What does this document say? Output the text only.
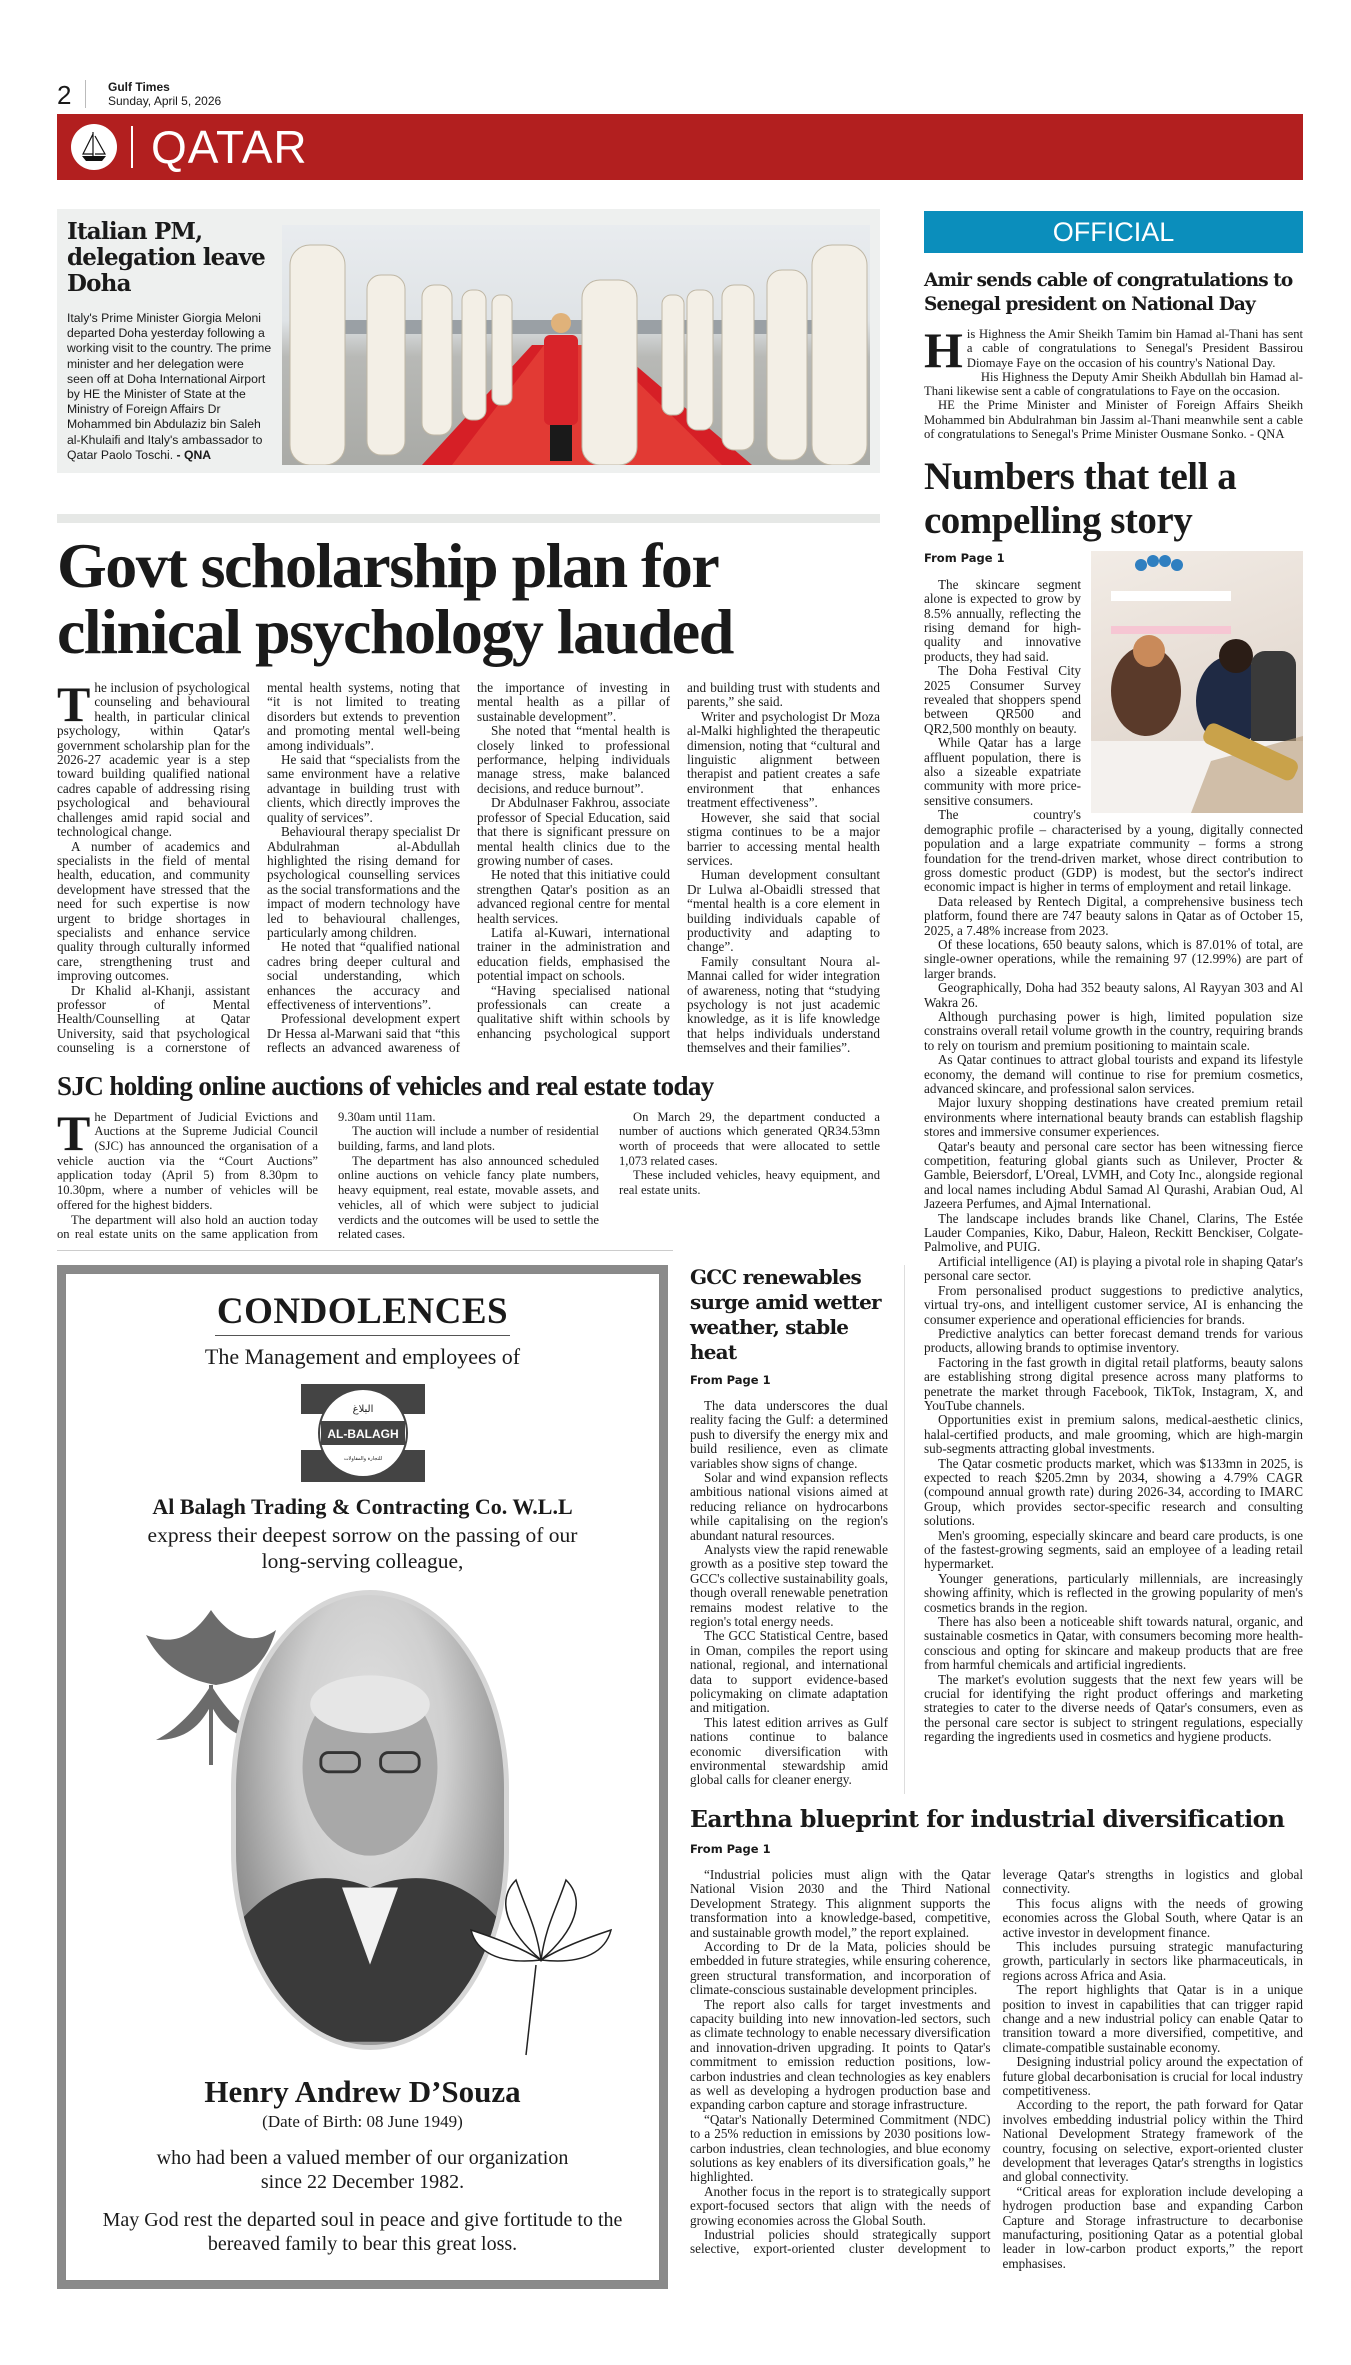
2	Gulf Times
Sunday, April 5, 2026
QATAR
Italian PM, delegation leave Doha
Italy's Prime Minister Giorgia Meloni departed Doha yesterday following a working visit to the country. The prime minister and her delegation were seen off at Doha International Airport by HE the Minister of State at the Ministry of Foreign Affairs Dr Mohammed bin Abdulaziz bin Saleh al-Khulaifi and Italy's ambassador to Qatar Paolo Toschi. - QNA
Govt scholarship plan for clinical psychology lauded

The inclusion of psychological counseling and behavioural health, in particular clinical psychology, within Qatar's government scholarship plan for the 2026-27 academic year is a step toward building qualified national cadres capable of addressing rising psychological and behavioural challenges amid rapid social and technological change.

A number of academics and specialists in the field of mental health, education, and community development have stressed that the need for such expertise is now urgent to bridge shortages in specialists and enhance service quality through culturally informed care, strengthening trust and improving outcomes.

Dr Khalid al-Khanji, assistant professor of Mental Health/Counselling at Qatar University, said that psychological counseling is a cornerstone of mental health systems, noting that “it is not limited to treating disorders but extends to prevention and promoting mental well-being among individuals”.

He said that “specialists from the same environment have a relative advantage in building trust with clients, which directly improves the quality of services”.

Behavioural therapy specialist Dr Abdulrahman al-Abdullah highlighted the rising demand for psychological counselling services as the social transformations and the impact of modern technology have led to behavioural challenges, particularly among children.

He noted that “qualified national cadres bring deeper cultural and social understanding, which enhances the accuracy and effectiveness of interventions”.

Professional development expert Dr Hessa al-Marwani said that “this reflects an advanced awareness of the importance of investing in mental health as a pillar of sustainable development”.

She noted that “mental health is closely linked to professional performance, helping individuals manage stress, make balanced decisions, and reduce burnout”.

Dr Abdulnaser Fakhrou, associate professor of Special Education, said that there is significant pressure on mental health clinics due to the growing number of cases.

He noted that this initiative could strengthen Qatar's position as an advanced regional centre for mental health services.

Latifa al-Kuwari, international trainer in the administration and education fields, emphasised the potential impact on schools.

“Having specialised national professionals can create a qualitative shift within schools by enhancing psychological support and building trust with students and parents,” she said.

Writer and psychologist Dr Moza al-Malki highlighted the therapeutic dimension, noting that “cultural and linguistic alignment between therapist and patient creates a safe environment that enhances treatment effectiveness”.

However, she said that social stigma continues to be a major barrier to accessing mental health services.

Human development consultant Dr Lulwa al-Obaidli stressed that “mental health is a core element in building individuals capable of productivity and adapting to change”.

Family consultant Noura al-Mannai called for wider integration of awareness, noting that “studying psychology is not just academic knowledge, as it is life knowledge that helps individuals understand themselves and their families”.

SJC holding online auctions of vehicles and real estate today

The Department of Judicial Evictions and Auctions at the Supreme Judicial Council (SJC) has announced the organisation of a vehicle auction via the “Court Auctions” application today (April 5) from 8.30pm to 10.30pm, where a number of vehicles will be offered for the highest bidders.

The department will also hold an auction today on real estate units on the same application from 9.30am until 11am.

The auction will include a number of residential building, farms, and land plots.

The department has also announced scheduled online auctions on vehicle fancy plate numbers, heavy equipment, real estate, movable assets, and vehicles, all of which were subject to judicial verdicts and the outcomes will be used to settle the related cases.

On March 29, the department conducted a number of auctions which generated QR34.53mn worth of proceeds that were allocated to settle 1,073 related cases.

These included vehicles, heavy equipment, and real estate units.

CONDOLENCES
The Management and employees of
AL-BALAGH
البلاغ
للتجارة والمقاولات
Al Balagh Trading & Contracting Co. W.L.L
express their deepest sorrow on the passing of our long-serving colleague,
Henry Andrew D’Souza
(Date of Birth: 08 June 1949)
who had been a valued member of our organization since 22 December 1982.
May God rest the departed soul in peace and give fortitude to the bereaved family to bear this great loss.
GCC renewables surge amid wetter weather, stable heat
From Page 1

The data underscores the dual reality facing the Gulf: a determined push to diversify the energy mix and build resilience, even as climate variables show signs of change.

Solar and wind expansion reflects ambitious national visions aimed at reducing reliance on hydrocarbons while capitalising on the region's abundant natural resources.

Analysts view the rapid renewable growth as a positive step toward the GCC's collective sustainability goals, though overall renewable penetration remains modest relative to the region's total energy needs.

The GCC Statistical Centre, based in Oman, compiles the report using national, regional, and international data to support evidence-based policymaking on climate adaptation and mitigation.

This latest edition arrives as Gulf nations continue to balance economic diversification with environmental stewardship amid global calls for cleaner energy.

OFFICIAL
Amir sends cable of congratulations to Senegal president on National Day

His Highness the Amir Sheikh Tamim bin Hamad al-Thani has sent a cable of congratulations to Senegal's President Bassirou Diomaye Faye on the occasion of his country's National Day.

His Highness the Deputy Amir Sheikh Abdullah bin Hamad al-Thani likewise sent a cable of congratulations to Faye on the occasion.

HE the Prime Minister and Minister of Foreign Affairs Sheikh Mohammed bin Abdulrahman bin Jassim al-Thani meanwhile sent a cable of congratulations to Senegal's Prime Minister Ousmane Sonko. - QNA

Numbers that tell a compelling story
From Page 1

The skincare segment alone is expected to grow by 8.5% annually, reflecting the rising demand for high-quality and innovative products, they had said.

The Doha Festival City 2025 Consumer Survey revealed that shoppers spend between QR500 and QR2,500 monthly on beauty.

While Qatar has a large affluent population, there is also a sizeable expatriate community with more price-sensitive consumers.

The country's demographic profile – characterised by a young, digitally connected population and a large expatriate community – forms a strong foundation for the trend-driven market, whose direct contribution to gross domestic product (GDP) is modest, but the sector's indirect economic impact is higher in terms of employment and retail linkage.

Data released by Rentech Digital, a comprehensive business tech platform, found there are 747 beauty salons in Qatar as of October 15, 2025, a 7.48% increase from 2023.

Of these locations, 650 beauty salons, which is 87.01% of total, are single-owner operations, while the remaining 97 (12.99%) are part of larger brands.

Geographically, Doha had 352 beauty salons, Al Rayyan 303 and Al Wakra 26.

Although purchasing power is high, limited population size constrains overall retail volume growth in the country, requiring brands to rely on tourism and premium positioning to maintain scale.

As Qatar continues to attract global tourists and expand its lifestyle economy, the demand will continue to rise for premium cosmetics, advanced skincare, and professional salon services.

Major luxury shopping destinations have created premium retail environments where international beauty brands can establish flagship stores and immersive consumer experiences.

Qatar's beauty and personal care sector has been witnessing fierce competition, featuring global giants such as Unilever, Procter & Gamble, Beiersdorf, L'Oreal, LVMH, and Coty Inc., alongside regional and local names including Abdul Samad Al Qurashi, Arabian Oud, Al Jazeera Perfumes, and Ajmal International.

The landscape includes brands like Chanel, Clarins, The Estée Lauder Companies, Kiko, Dabur, Haleon, Reckitt Benckiser, Colgate-Palmolive, and PUIG.

Artificial intelligence (AI) is playing a pivotal role in shaping Qatar's personal care sector.

From personalised product suggestions to predictive analytics, virtual try-ons, and intelligent customer service, AI is enhancing the consumer experience and operational efficiencies for brands.

Predictive analytics can better forecast demand trends for various products, allowing brands to optimise inventory.

Factoring in the fast growth in digital retail platforms, beauty salons are establishing strong digital presence across many platforms to penetrate the market through Facebook, TikTok, Instagram, X, and YouTube channels.

Opportunities exist in premium salons, medical-aesthetic clinics, halal-certified products, and male grooming, which are high-margin sub-segments attracting global investments.

The Qatar cosmetic products market, which was $133mn in 2025, is expected to reach $205.2mn by 2034, showing a 4.79% CAGR (compound annual growth rate) during 2026-34, according to IMARC Group, which provides sector-specific research and consulting solutions.

Men's grooming, especially skincare and beard care products, is one of the fastest-growing segments, said an employee of a leading retail hypermarket.

Younger generations, particularly millennials, are increasingly showing affinity, which is reflected in the growing popularity of men's cosmetics brands in the region.

There has also been a noticeable shift towards natural, organic, and sustainable cosmetics in Qatar, with consumers becoming more health-conscious and opting for skincare and makeup products that are free from harmful chemicals and artificial ingredients.

The market's evolution suggests that the next few years will be crucial for identifying the right product offerings and marketing strategies to cater to the diverse needs of Qatar's consumers, even as the personal care sector is subject to stringent regulations, especially regarding the ingredients used in cosmetics and hygiene products.

Earthna blueprint for industrial diversification
From Page 1

“Industrial policies must align with the Qatar National Vision 2030 and the Third National Development Strategy. This alignment supports the transformation into a knowledge-based, competitive, and sustainable growth model,” the report explained.

According to Dr de la Mata, policies should be embedded in future strategies, while ensuring coherence, green structural transformation, and incorporation of climate-conscious sustainable development principles.

The report also calls for target investments and capacity building into new innovation-led sectors, such as climate technology to enable necessary diversification and innovation-driven upgrading. It points to Qatar's commitment to emission reduction positions, low-carbon industries and clean technologies as key enablers as well as developing a hydrogen production base and expanding carbon capture and storage infrastructure.

“Qatar's Nationally Determined Commitment (NDC) to a 25% reduction in emissions by 2030 positions low-carbon industries, clean technologies, and blue economy solutions as key enablers of its diversification goals,” he highlighted.

Another focus in the report is to strategically support export-focused sectors that align with the needs of growing economies across the Global South.

Industrial policies should strategically support selective, export-oriented cluster development to leverage Qatar's strengths in logistics and global connectivity.

This focus aligns with the needs of growing economies across the Global South, where Qatar is an active investor in development finance.

This includes pursuing strategic manufacturing growth, particularly in sectors like pharmaceuticals, in regions across Africa and Asia.

The report highlights that Qatar is in a unique position to invest in capabilities that can trigger rapid change and a new industrial policy can enable Qatar to transition toward a more diversified, competitive, and climate-compatible sustainable economy.

Designing industrial policy around the expectation of future global decarbonisation is crucial for local industry competitiveness.

According to the report, the path forward for Qatar involves embedding industrial policy within the Third National Development Strategy framework of the country, focusing on selective, export-oriented cluster development that leverages Qatar's strengths in logistics and global connectivity.

“Critical areas for exploration include developing a hydrogen production base and expanding Carbon Capture and Storage infrastructure to decarbonise manufacturing, positioning Qatar as a potential global leader in low-carbon product exports,” the report emphasises.
